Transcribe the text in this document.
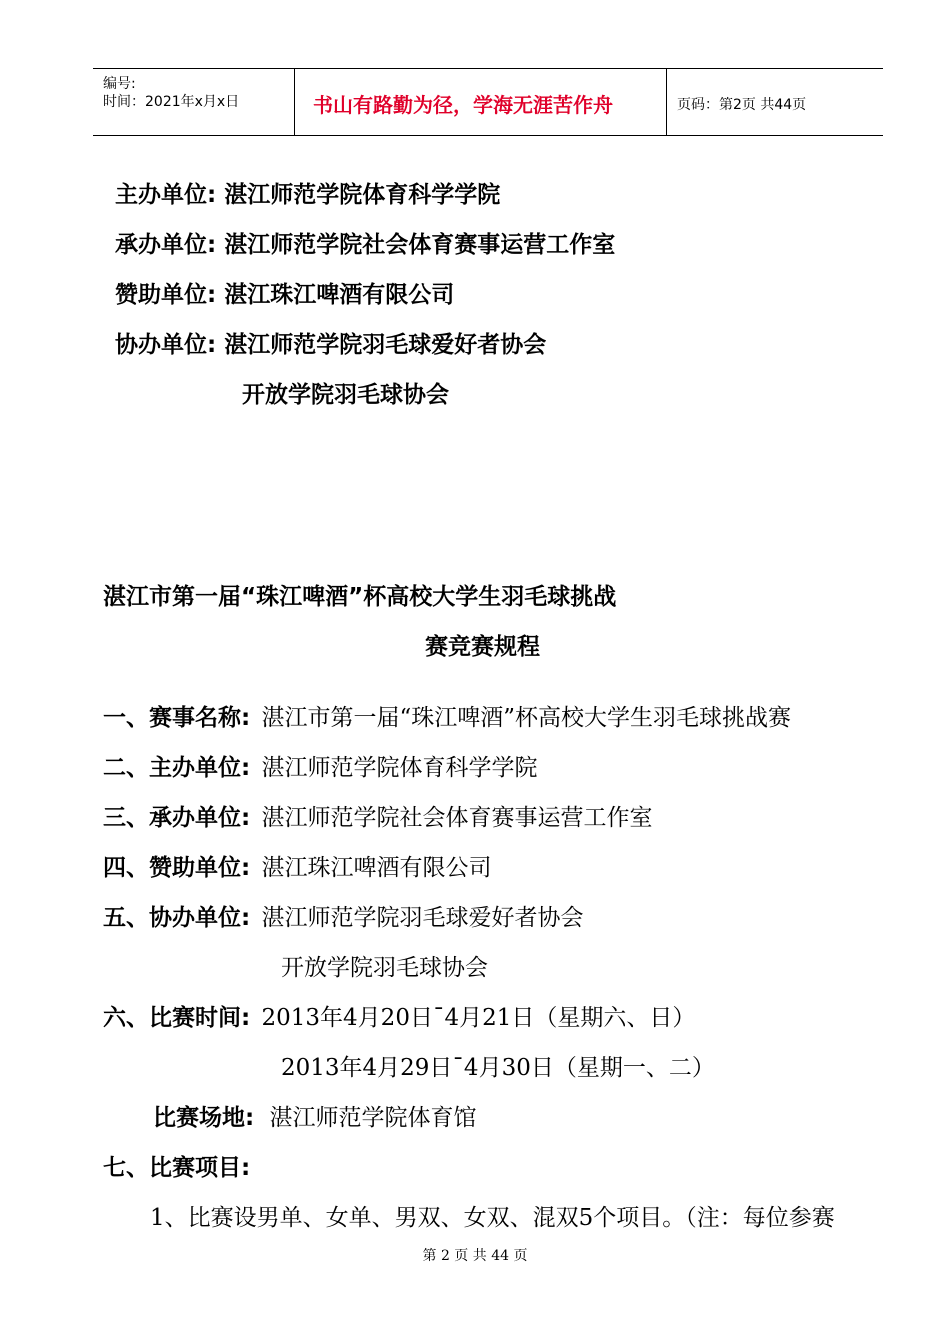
编号:
时间：2021年x月x日	书山有路勤为径，学海无涯苦作舟	页码：第2页 共44页
主办单位: 湛江师范学院体育科学学院
承办单位: 湛江师范学院社会体育赛事运营工作室
赞助单位: 湛江珠江啤酒有限公司
协办单位: 湛江师范学院羽毛球爱好者协会
开放学院羽毛球协会
湛江市第一届“珠江啤酒”杯高校大学生羽毛球挑战
赛竞赛规程
一、赛事名称: 湛江市第一届“珠江啤酒”杯高校大学生羽毛球挑战赛
二、主办单位: 湛江师范学院体育科学学院
三、承办单位: 湛江师范学院社会体育赛事运营工作室
四、赞助单位: 湛江珠江啤酒有限公司
五、协办单位: 湛江师范学院羽毛球爱好者协会
开放学院羽毛球协会
六、比赛时间: 2013年4月20日¯4月21日（星期六、日）
2013年4月29日¯4月30日（星期一、二）
比赛场地: 湛江师范学院体育馆
七、比赛项目:
1、比赛设男单、女单、男双、女双、混双5个项目。（注：每位参赛
第 2 页 共 44 页
